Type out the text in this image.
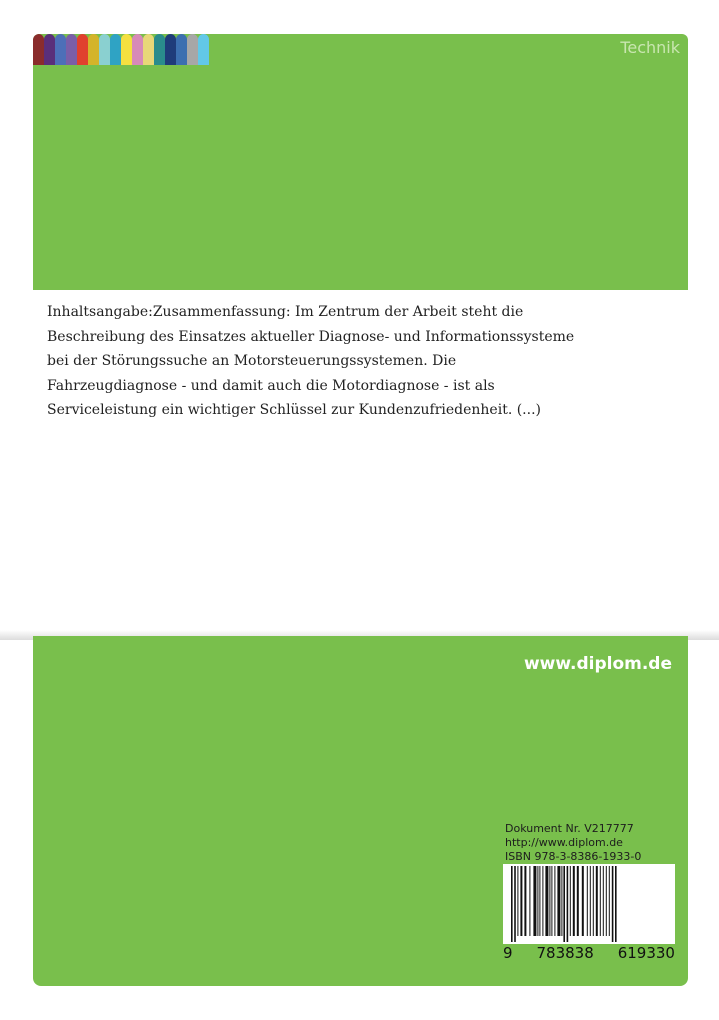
Technik

Inhaltsangabe:Zusammenfassung: Im Zentrum der Arbeit steht die Beschreibung des Einsatzes aktueller Diagnose- und Informationssysteme bei der Störungssuche an Motorsteuerungssystemen. Die Fahrzeugdiagnose - und damit auch die Motordiagnose - ist als Serviceleistung ein wichtiger Schlüssel zur Kundenzufriedenheit. (...)

www.diplom.de
Dokument Nr. V217777
http://www.diplom.de
ISBN 978-3-8386-1933-0
9 783838 619330
